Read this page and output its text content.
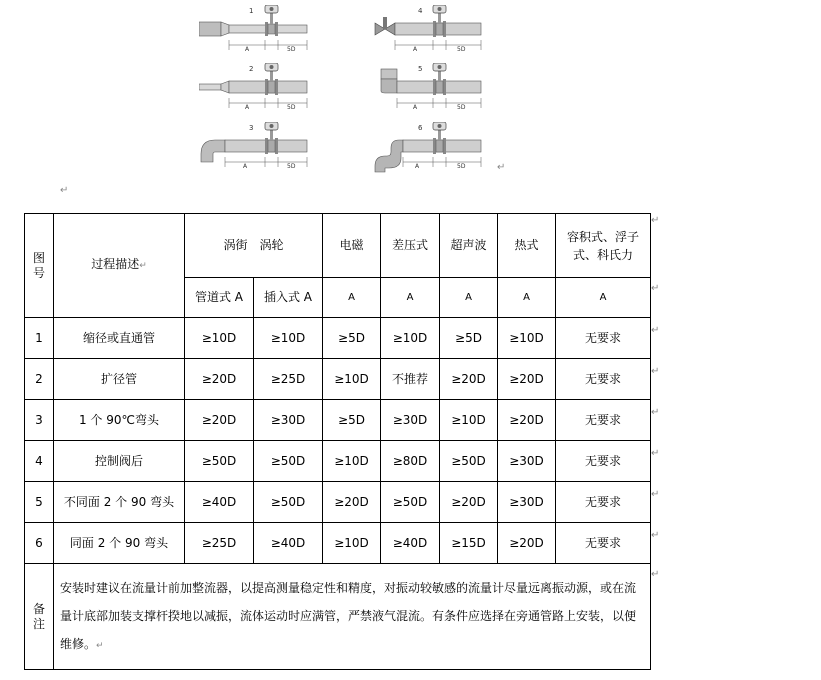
1
A	5D
2
A	5D
3
A	5D
4
A	5D
5
A	5D
6
A	5D	↵
↵
图号	过程描述↵	涡街　涡轮		电磁	差压式	超声波	热式	容积式、浮子式、科氏力
		管道式 A	插入式 A	A	A	A	A	A
1	缩径或直通管	≥10D	≥10D	≥5D	≥10D	≥5D	≥10D	无要求
2	扩径管	≥20D	≥25D	≥10D	不推荐	≥20D	≥20D	无要求
3	1 个 90℃弯头	≥20D	≥30D	≥5D	≥30D	≥10D	≥20D	无要求
4	控制阀后	≥50D	≥50D	≥10D	≥80D	≥50D	≥30D	无要求
5	不同面 2 个 90 弯头	≥40D	≥50D	≥20D	≥50D	≥20D	≥30D	无要求
6	同面 2 个 90 弯头	≥25D	≥40D	≥10D	≥40D	≥15D	≥20D	无要求
备注	安装时建议在流量计前加整流器，以提高测量稳定性和精度，对振动较敏感的流量计尽量远离振动源，或在流量计底部加装支撑杆揆地以减振，流体运动时应满管，严禁液气混流。有条件应选择在旁通管路上安装，以便维修。↵							
↵
↵
↵
↵
↵
↵
↵
↵
↵
